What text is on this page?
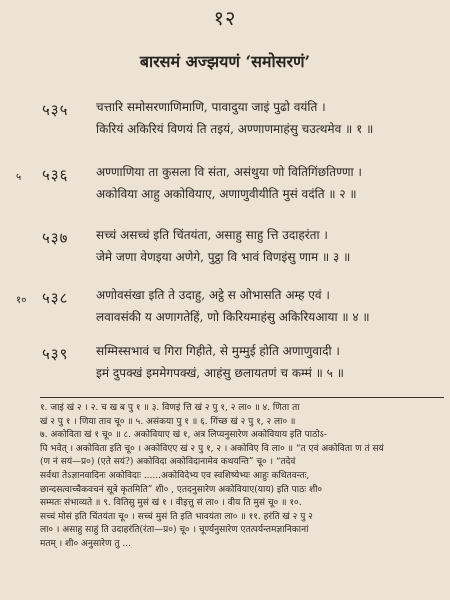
१२
बारसमं अज्झयणं ‘समोसरणं’
५३५ चत्तारि समोसरणाणिमाणि, पावादुया जाइं पुढो वयंति ।
किरियं अकिरियं विणयं ति तइयं, अण्णाणमाहंसु चउत्थमेव ॥ १ ॥
५ ५३६ अण्णाणिया ता कुसला वि संता, असंथुया णो वितिगिंछतिण्णा ।
अकोविया आहु अकोवियाए, अणाणुवीयीति मुसं वदंति ॥ २ ॥
५३७ सच्चं असच्चं इति चिंतयंता, असाहु साहु त्ति उदाहरंता ।
जेमे जणा वेणइया अणेगे, पुट्ठा वि भावं विणइंसु णाम ॥ ३ ॥
१० ५३८ अणोवसंखा इति ते उदाहु, अट्ठे स ओभासति अम्ह एवं ।
लवावसंकी य अणागतेहिं, णो किरियमाहंसु अकिरियआया ॥ ४ ॥
५३९ सम्मिस्सभावं च गिरा गिहीते, से मुम्मुई होति अणाणुवादी ।
इमं दुपक्खं इममेगपक्खं, आहंसु छलायतणं च कम्मं ॥ ५ ॥
१. जाइं खं २ । २. च ख ब पु १ ॥ ३. विणइं त्ति खं २ पु १, २ ला० ॥ ४. णिता ता
खं २ पु १ । णिया ताव चू० ॥ ५. असंकया पु १ ॥ ६. गिंच्छ खं २ पु १, २ ला० ॥
७. अकोविता खं १ चू० ॥ ८. अकोवियाए खं १, अत्र लिप्यनुसारेण अकोवियाय इति पाठोऽ-
पि भवेत् । अकोविता इति चू० । अकोविएए खं २ पु १, २ । अकोविए वि ला० ॥ “त एवं अकोविता ण तं सयं
(ण नं सयं—प्र०) (एते सयं?) अकोविदा अकोविदानामेव कथयन्ति” चू० । “तदेवं
सर्वथा तेऽज्ञानवादिनः अकोविदाः ......अकोविदेभ्य एव स्वशिष्येभ्यः आहुः कथितवन्तः,
छान्दसत्वाच्चैकवचनं सूत्रे कृतमिति” शी० , एतदनुसारेण अकोवियाए(याय) इति पाठः शी०
सम्मतः संभाव्यते ॥ ९. वितिसु मुसं खं १ । वीइत्तु सं ला० । वीय ति मुसं चू० ॥ १०.
सच्चं मोसं इति चिंतयंता चू० । सच्चं मुसं ति इति भावयंता ला० ॥ ११. हरंति खं २ पु २
ला० । असाहु साहुं ति उदाहरंति(रंता—प्र०) चू० । चूर्ण्यनुसारेण एतत्पर्यन्तमज्ञानिकानां
मतम् । शी० अनुसारेण तु ...
